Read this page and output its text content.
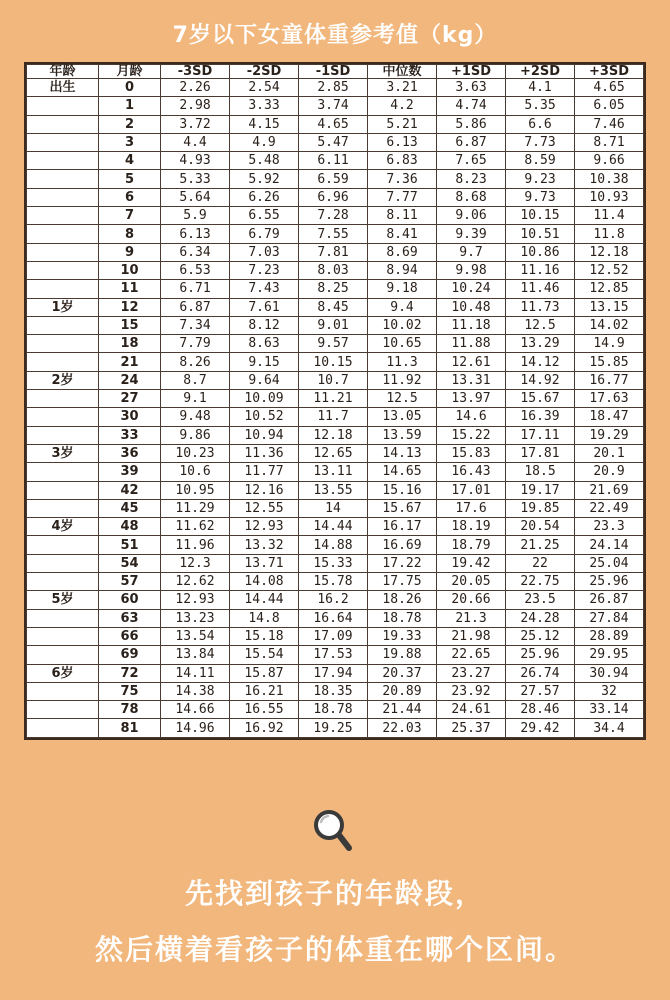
7岁以下女童体重参考值（kg）
年龄	月龄	-3SD	-2SD	-1SD	中位数	+1SD	+2SD	+3SD
出生	0	2.26	2.54	2.85	3.21	3.63	4.1	4.65
	1	2.98	3.33	3.74	4.2	4.74	5.35	6.05
	2	3.72	4.15	4.65	5.21	5.86	6.6	7.46
	3	4.4	4.9	5.47	6.13	6.87	7.73	8.71
	4	4.93	5.48	6.11	6.83	7.65	8.59	9.66
	5	5.33	5.92	6.59	7.36	8.23	9.23	10.38
	6	5.64	6.26	6.96	7.77	8.68	9.73	10.93
	7	5.9	6.55	7.28	8.11	9.06	10.15	11.4
	8	6.13	6.79	7.55	8.41	9.39	10.51	11.8
	9	6.34	7.03	7.81	8.69	9.7	10.86	12.18
	10	6.53	7.23	8.03	8.94	9.98	11.16	12.52
	11	6.71	7.43	8.25	9.18	10.24	11.46	12.85
1岁	12	6.87	7.61	8.45	9.4	10.48	11.73	13.15
	15	7.34	8.12	9.01	10.02	11.18	12.5	14.02
	18	7.79	8.63	9.57	10.65	11.88	13.29	14.9
	21	8.26	9.15	10.15	11.3	12.61	14.12	15.85
2岁	24	8.7	9.64	10.7	11.92	13.31	14.92	16.77
	27	9.1	10.09	11.21	12.5	13.97	15.67	17.63
	30	9.48	10.52	11.7	13.05	14.6	16.39	18.47
	33	9.86	10.94	12.18	13.59	15.22	17.11	19.29
3岁	36	10.23	11.36	12.65	14.13	15.83	17.81	20.1
	39	10.6	11.77	13.11	14.65	16.43	18.5	20.9
	42	10.95	12.16	13.55	15.16	17.01	19.17	21.69
	45	11.29	12.55	14	15.67	17.6	19.85	22.49
4岁	48	11.62	12.93	14.44	16.17	18.19	20.54	23.3
	51	11.96	13.32	14.88	16.69	18.79	21.25	24.14
	54	12.3	13.71	15.33	17.22	19.42	22	25.04
	57	12.62	14.08	15.78	17.75	20.05	22.75	25.96
5岁	60	12.93	14.44	16.2	18.26	20.66	23.5	26.87
	63	13.23	14.8	16.64	18.78	21.3	24.28	27.84
	66	13.54	15.18	17.09	19.33	21.98	25.12	28.89
	69	13.84	15.54	17.53	19.88	22.65	25.96	29.95
6岁	72	14.11	15.87	17.94	20.37	23.27	26.74	30.94
	75	14.38	16.21	18.35	20.89	23.92	27.57	32
	78	14.66	16.55	18.78	21.44	24.61	28.46	33.14
	81	14.96	16.92	19.25	22.03	25.37	29.42	34.4
先找到孩子的年龄段，
然后横着看孩子的体重在哪个区间。
